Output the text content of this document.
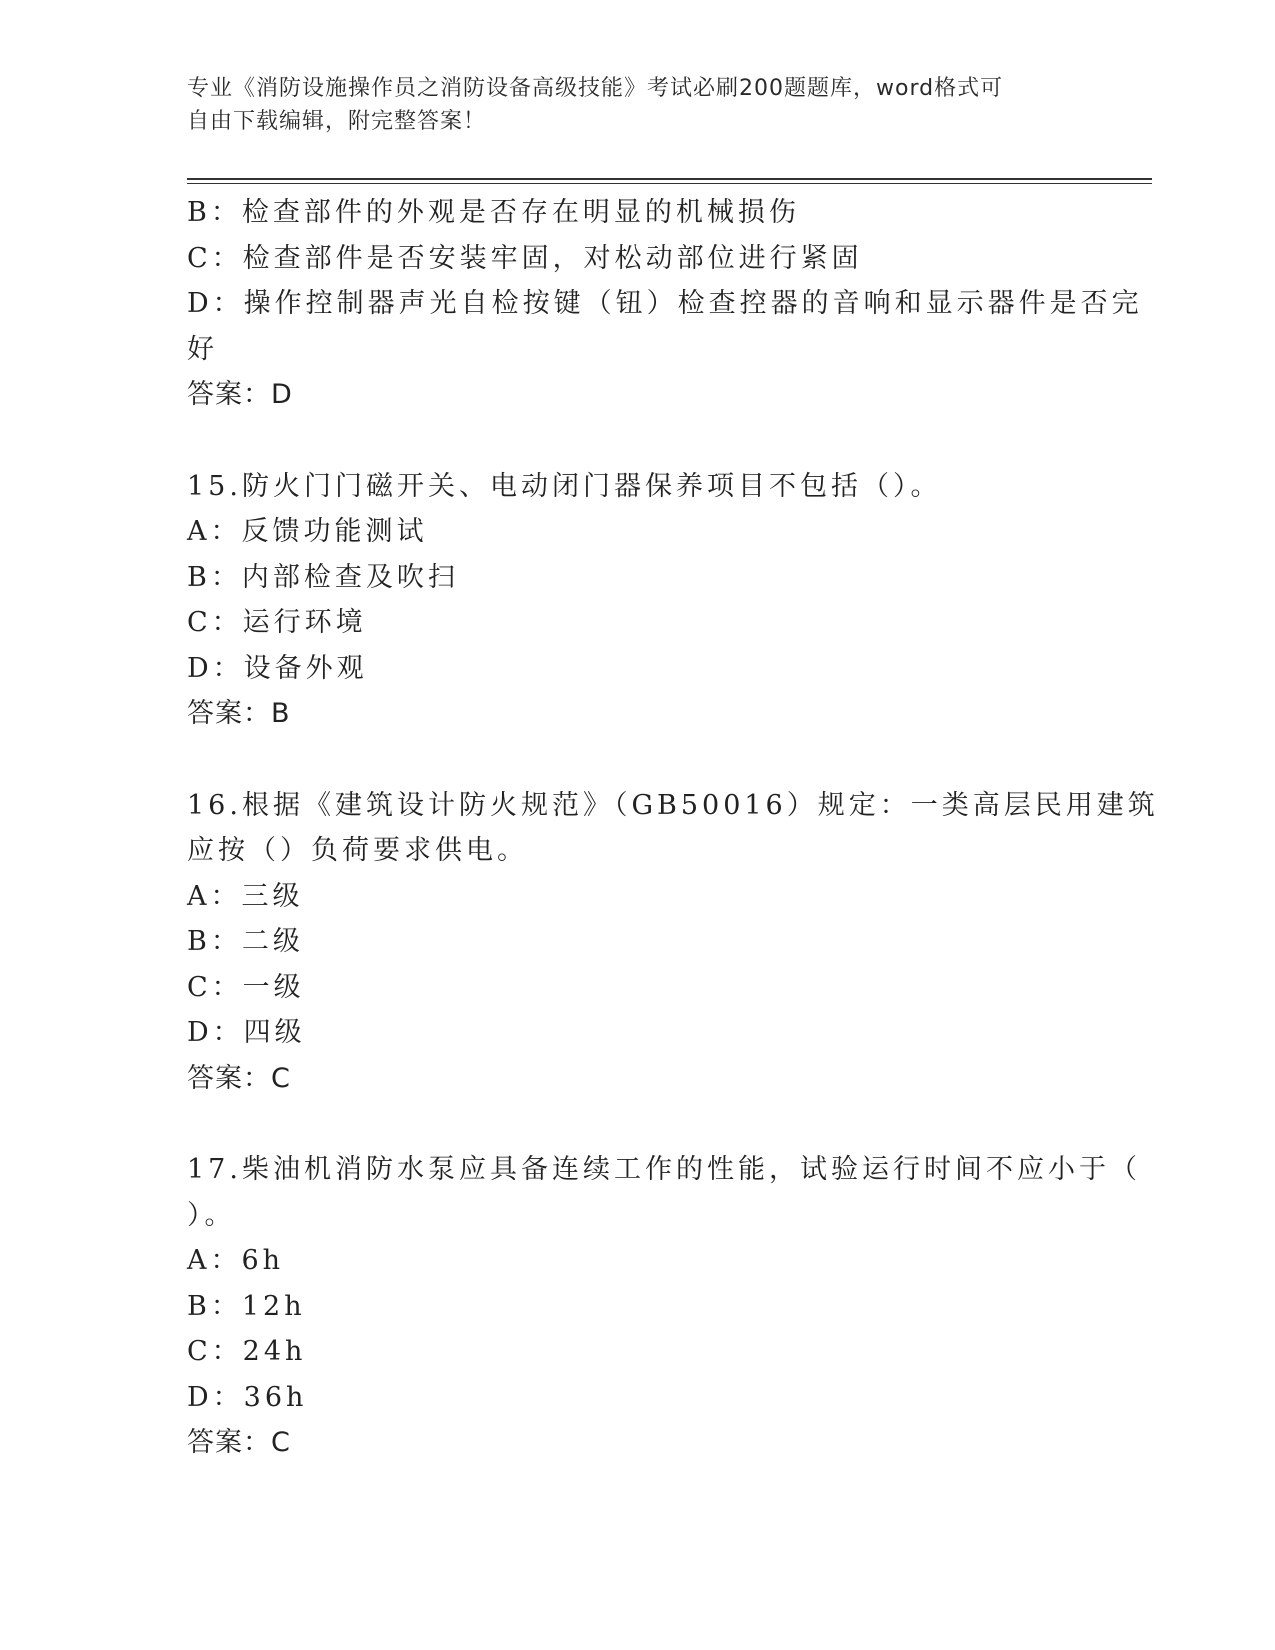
专业《消防设施操作员之消防设备高级技能》考试必刷200题题库，word格式可
自由下载编辑，附完整答案！
B：检查部件的外观是否存在明显的机械损伤
C：检查部件是否安装牢固，对松动部位进行紧固
D：操作控制器声光自检按键（钮）检查控器的音响和显示器件是否完
好
答案：D
15.防火门门磁开关、电动闭门器保养项目不包括（）。
A：反馈功能测试
B：内部检查及吹扫
C：运行环境
D：设备外观
答案：B
16.根据《建筑设计防火规范》（GB50016）规定：一类高层民用建筑
应按（）负荷要求供电。
A：三级
B：二级
C：一级
D：四级
答案：C
17.柴油机消防水泵应具备连续工作的性能，试验运行时间不应小于（
）。
A：6h
B：12h
C：24h
D：36h
答案：C
